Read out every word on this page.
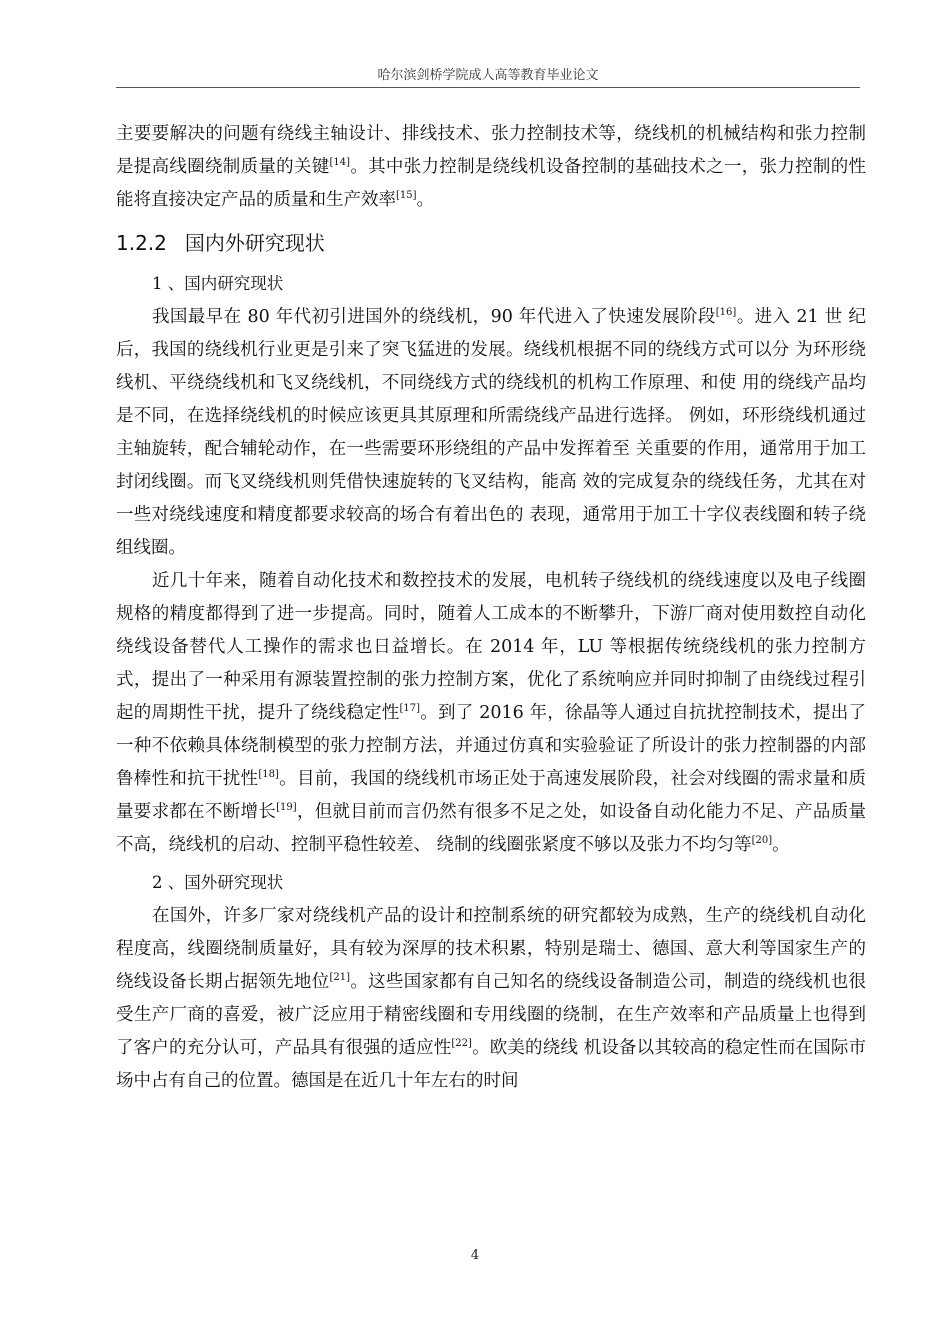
哈尔滨剑桥学院成人高等教育毕业论文

主要要解决的问题有绕线主轴设计、排线技术、张力控制技术等，绕线机的机械结构和张力控制是提高线圈绕制质量的关键[14]。其中张力控制是绕线机设备控制的基础技术之一，张力控制的性能将直接决定产品的质量和生产效率[15]。

1.2.2 国内外研究现状
1 、国内研究现状

我国最早在 80 年代初引进国外的绕线机，90 年代进入了快速发展阶段[16]。进入 21 世 纪后，我国的绕线机行业更是引来了突飞猛进的发展。绕线机根据不同的绕线方式可以分 为环形绕线机、平绕绕线机和飞叉绕线机，不同绕线方式的绕线机的机构工作原理、和使 用的绕线产品均是不同，在选择绕线机的时候应该更具其原理和所需绕线产品进行选择。 例如，环形绕线机通过主轴旋转，配合辅轮动作，在一些需要环形绕组的产品中发挥着至 关重要的作用，通常用于加工封闭线圈。而飞叉绕线机则凭借快速旋转的飞叉结构，能高 效的完成复杂的绕线任务，尤其在对一些对绕线速度和精度都要求较高的场合有着出色的 表现，通常用于加工十字仪表线圈和转子绕组线圈。

近几十年来，随着自动化技术和数控技术的发展，电机转子绕线机的绕线速度以及电子线圈规格的精度都得到了进一步提高。同时，随着人工成本的不断攀升，下游厂商对使用数控自动化绕线设备替代人工操作的需求也日益增长。在 2014 年，LU 等根据传统绕线机的张力控制方式，提出了一种采用有源装置控制的张力控制方案，优化了系统响应并同时抑制了由绕线过程引起的周期性干扰，提升了绕线稳定性[17]。到了 2016 年，徐晶等人通过自抗扰控制技术，提出了一种不依赖具体绕制模型的张力控制方法，并通过仿真和实验验证了所设计的张力控制器的内部鲁棒性和抗干扰性[18]。目前，我国的绕线机市场正处于高速发展阶段，社会对线圈的需求量和质量要求都在不断增长[19]，但就目前而言仍然有很多不足之处，如设备自动化能力不足、产品质量不高，绕线机的启动、控制平稳性较差、 绕制的线圈张紧度不够以及张力不均匀等[20]。

2 、国外研究现状

在国外，许多厂家对绕线机产品的设计和控制系统的研究都较为成熟，生产的绕线机自动化程度高，线圈绕制质量好，具有较为深厚的技术积累，特别是瑞士、德国、意大利等国家生产的绕线设备长期占据领先地位[21]。这些国家都有自己知名的绕线设备制造公司，制造的绕线机也很受生产厂商的喜爱，被广泛应用于精密线圈和专用线圈的绕制，在生产效率和产品质量上也得到了客户的充分认可，产品具有很强的适应性[22]。欧美的绕线 机设备以其较高的稳定性而在国际市场中占有自己的位置。德国是在近几十年左右的时间

4
